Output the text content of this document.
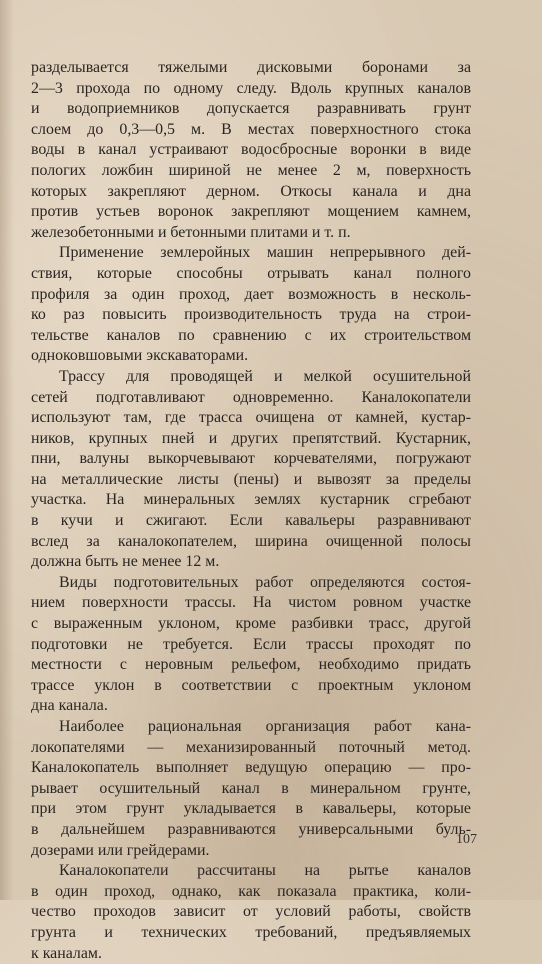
разделывается тяжелыми дисковыми боронами за
2—3 прохода по одному следу. Вдоль крупных каналов
и водоприемников допускается разравнивать грунт
слоем до 0,3—0,5 м. В местах поверхностного стока
воды в канал устраивают водосбросные воронки в виде
пологих ложбин шириной не менее 2 м, поверхность
которых закрепляют дерном. Откосы канала и дна
против устьев воронок закрепляют мощением камнем,
железобетонными и бетонными плитами и т. п.
Применение землеройных машин непрерывного дей-
ствия, которые способны отрывать канал полного
профиля за один проход, дает возможность в несколь-
ко раз повысить производительность труда на строи-
тельстве каналов по сравнению с их строительством
одноковшовыми экскаваторами.
Трассу для проводящей и мелкой осушительной
сетей подготавливают одновременно. Каналокопатели
используют там, где трасса очищена от камней, кустар-
ников, крупных пней и других препятствий. Кустарник,
пни, валуны выкорчевывают корчевателями, погружают
на металлические листы (пены) и вывозят за пределы
участка. На минеральных землях кустарник сгребают
в кучи и сжигают. Если кавальеры разравнивают
вслед за каналокопателем, ширина очищенной полосы
должна быть не менее 12 м.
Виды подготовительных работ определяются состоя-
нием поверхности трассы. На чистом ровном участке
с выраженным уклоном, кроме разбивки трасс, другой
подготовки не требуется. Если трассы проходят по
местности с неровным рельефом, необходимо придать
трассе уклон в соответствии с проектным уклоном
дна канала.
Наиболее рациональная организация работ кана-
локопателями — механизированный поточный метод.
Каналокопатель выполняет ведущую операцию — про-
рывает осушительный канал в минеральном грунте,
при этом грунт укладывается в кавальеры, которые
в дальнейшем разравниваются универсальными буль-
дозерами или грейдерами.
Каналокопатели рассчитаны на рытье каналов
в один проход, однако, как показала практика, коли-
чество проходов зависит от условий работы, свойств
грунта и технических требований, предъявляемых
к каналам.
107
